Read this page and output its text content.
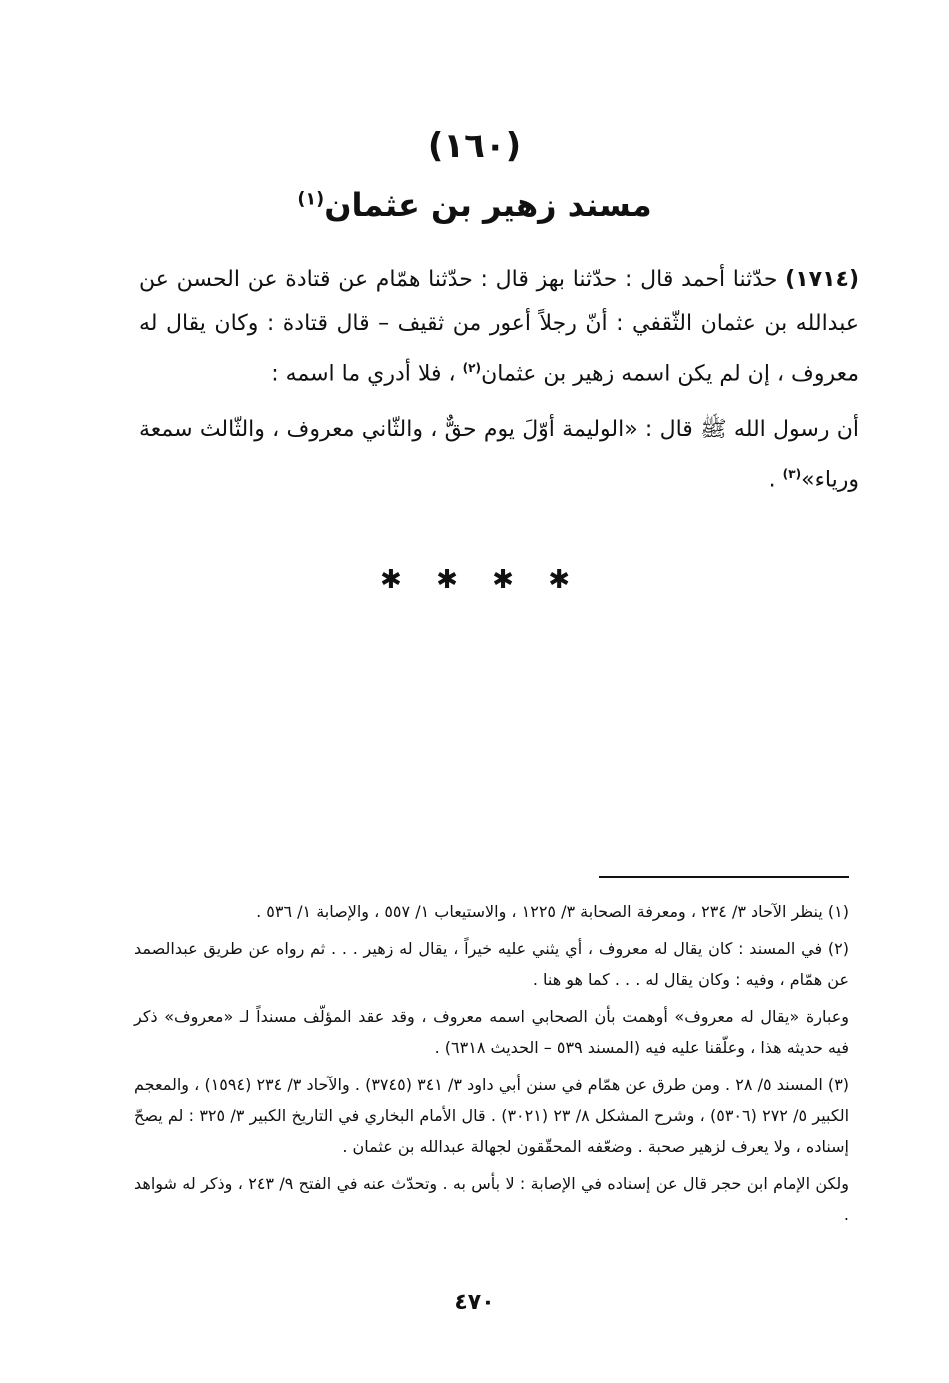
(١٦٠)
مسند زهير بن عثمان$^{(١)}$

(١٧١٤) حدّثنا أحمد قال : حدّثنا بهز قال : حدّثنا همّام عن قتادة عن الحسن عن عبدالله بن عثمان الثّقفي : أنّ رجلاً أعور من ثقيف – قال قتادة : وكان يقال له معروف ، إن لم يكن اسمه زهير بن عثمان$^{(٢)}$ ، فلا أدري ما اسمه :

أن رسول الله ﷺ قال : «الوليمة أوّلَ يوم حقٌّ ، والثّاني معروف ، والثّالث سمعة ورياء»$^{(٣)}$ .

✱ ✱ ✱ ✱

(١) ينظر الآحاد ٣/ ٢٣٤ ، ومعرفة الصحابة ٣/ ١٢٢٥ ، والاستيعاب ١/ ٥٥٧ ، والإصابة ١/ ٥٣٦ .

(٢) في المسند : كان يقال له معروف ، أي يثني عليه خيراً ، يقال له زهير . . . ثم رواه عن طريق عبدالصمد عن همّام ، وفيه : وكان يقال له . . . كما هو هنا .

وعبارة «يقال له معروف» أوهمت بأن الصحابي اسمه معروف ، وقد عقد المؤلّف مسنداً لـ «معروف» ذكر فيه حديثه هذا ، وعلّقنا عليه فيه (المسند ٥٣٩ – الحديث ٦٣١٨) .

(٣) المسند ٥/ ٢٨ . ومن طرق عن همّام في سنن أبي داود ٣/ ٣٤١ (٣٧٤٥) . والآحاد ٣/ ٢٣٤ (١٥٩٤) ، والمعجم الكبير ٥/ ٢٧٢ (٥٣٠٦) ، وشرح المشكل ٨/ ٢٣ (٣٠٢١) . قال الأمام البخاري في التاريخ الكبير ٣/ ٣٢٥ : لم يصحّ إسناده ، ولا يعرف لزهير صحبة . وضعّفه المحقّقون لجهالة عبدالله بن عثمان .

ولكن الإمام ابن حجر قال عن إسناده في الإصابة : لا بأس به . وتحدّث عنه في الفتح ٩/ ٢٤٣ ، وذكر له شواهد .

٤٧٠
